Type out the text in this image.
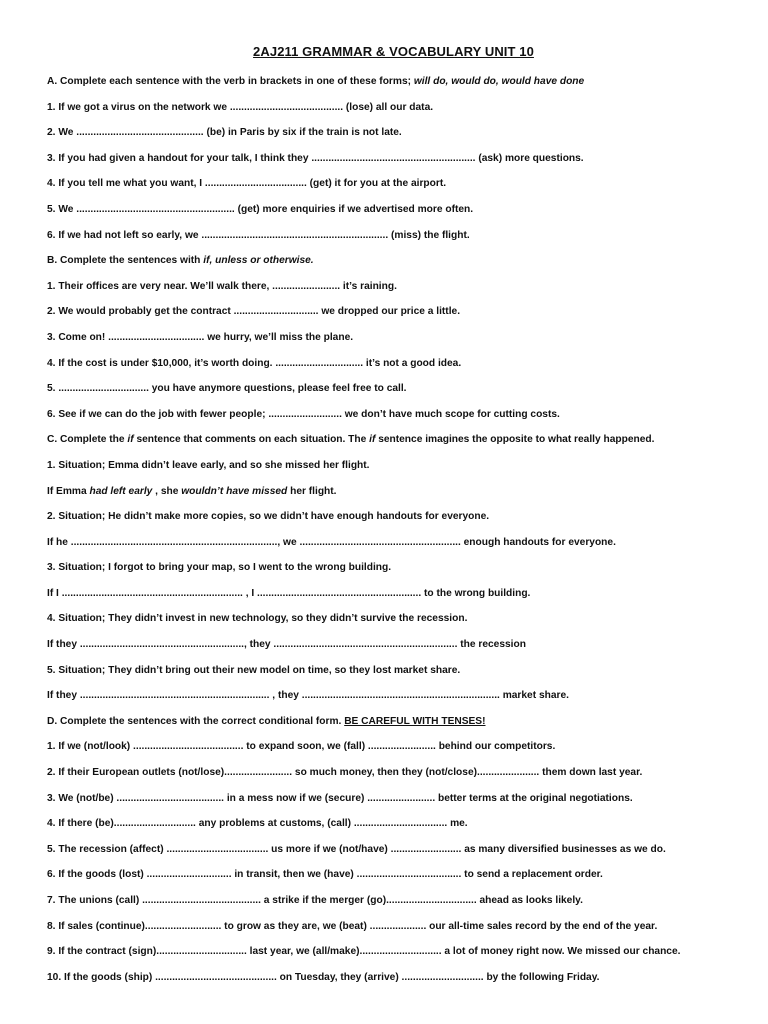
2AJ211 GRAMMAR & VOCABULARY UNIT 10
A. Complete each sentence with the verb in brackets in one of these forms; will do, would do, would have done
1. If we got a virus on the network we ........................................ (lose) all our data.
2. We ............................................. (be) in Paris by six if the train is not late.
3. If you had given a handout for your talk, I think they .......................................................... (ask) more questions.
4. If you tell me what you want, I .................................... (get) it for you at the airport.
5. We ........................................................ (get) more enquiries if we advertised more often.
6. If we had not left so early, we .................................................................. (miss) the flight.
B. Complete the sentences with if, unless or otherwise.
1. Their offices are very near. We’ll walk there, ........................ it’s raining.
2. We would probably get the contract .............................. we dropped our price a little.
3. Come on! .................................. we hurry, we’ll miss the plane.
4. If the cost is under $10,000, it’s worth doing. ............................... it’s not a good idea.
5. ................................ you have anymore questions, please feel free to call.
6. See if we can do the job with fewer people; .......................... we don’t have much scope for cutting costs.
C. Complete the if sentence that comments on each situation. The if sentence imagines the opposite to what really happened.
1. Situation; Emma didn’t leave early, and so she missed her flight.
If Emma had left early , she wouldn’t have missed her flight.
2. Situation; He didn’t make more copies, so we didn’t have enough handouts for everyone.
If he ........................................................................., we ......................................................... enough handouts for everyone.
3. Situation; I forgot to bring your map, so I went to the wrong building.
If I ................................................................ , I .......................................................... to the wrong building.
4. Situation; They didn’t invest in new technology, so they didn’t survive the recession.
If they .........................................................., they ................................................................. the recession
5. Situation; They didn’t bring out their new model on time, so they lost market share.
If they ................................................................... , they ...................................................................... market share.
D. Complete the sentences with the correct conditional form. BE CAREFUL WITH TENSES!
1. If we (not/look) ....................................... to expand soon, we (fall) ........................ behind our competitors.
2. If their European outlets (not/lose)........................ so much money, then they (not/close)...................... them down last year.
3. We (not/be) ...................................... in a mess now if we (secure) ........................ better terms at the original negotiations.
4. If there (be)............................. any problems at customs, (call) ................................. me.
5. The recession (affect) .................................... us more if we (not/have) ......................... as many diversified businesses as we do.
6. If the goods (lost) .............................. in transit, then we (have) ..................................... to send a replacement order.
7. The unions (call) .......................................... a strike if the merger (go)................................ ahead as looks likely.
8. If sales (continue)........................... to grow as they are, we (beat) .................... our all-time sales record by the end of the year.
9. If the contract (sign)................................ last year, we (all/make)............................. a lot of money right now. We missed our chance.
10. If the goods (ship) ........................................... on Tuesday, they (arrive) ............................. by the following Friday.
